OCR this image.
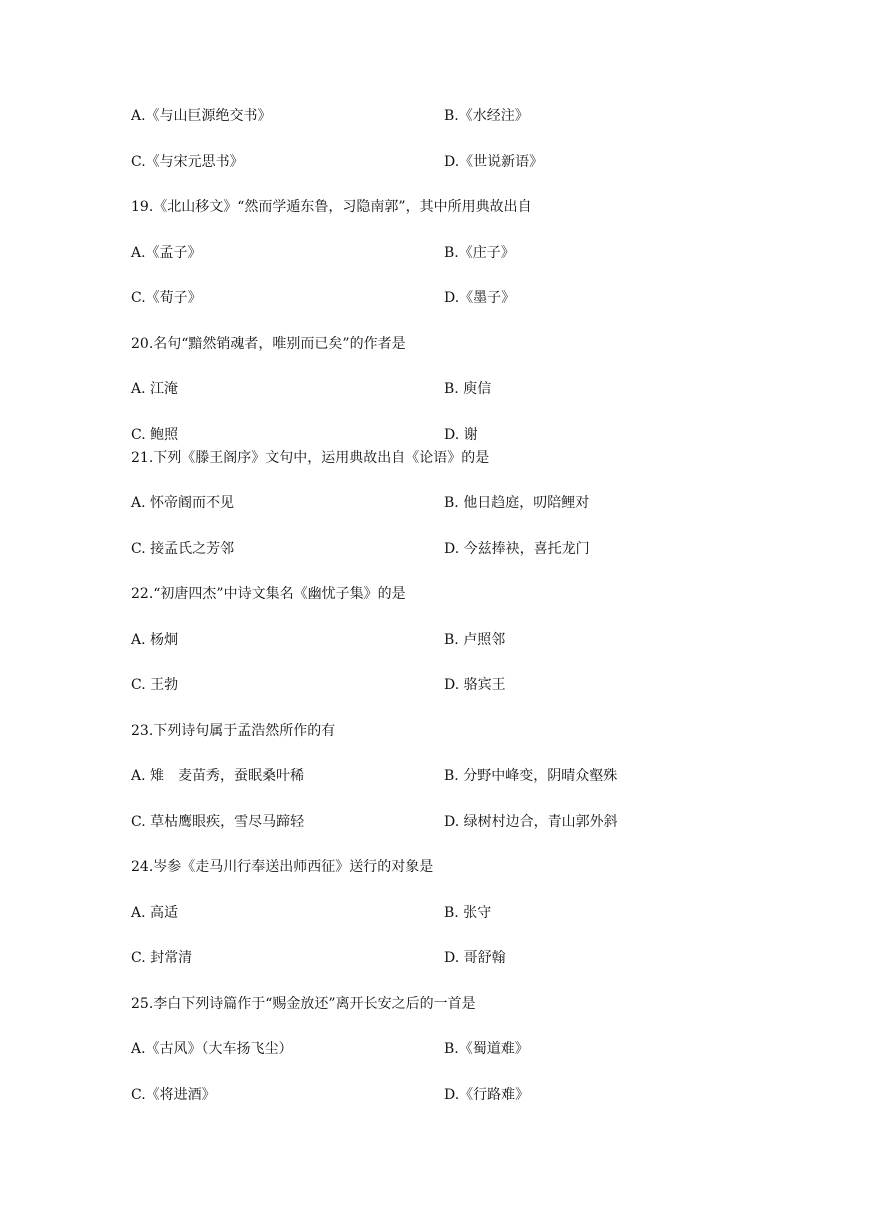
A.《与山巨源绝交书》	B.《水经注》
C.《与宋元思书》	D.《世说新语》
19.《北山移文》“然而学遁东鲁，习隐南郭”，其中所用典故出自
A.《孟子》	B.《庄子》
C.《荀子》	D.《墨子》
20.名句“黯然销魂者，唯别而已矣”的作者是
A. 江淹	B. 庾信
C. 鲍照	D. 谢
21.下列《滕王阁序》文句中，运用典故出自《论语》的是
A. 怀帝阍而不见	B. 他日趋庭，叨陪鲤对
C. 接孟氏之芳邻	D. 今兹捧袂，喜托龙门
22.“初唐四杰”中诗文集名《幽忧子集》的是
A. 杨炯	B. 卢照邻
C. 王勃	D. 骆宾王
23.下列诗句属于孟浩然所作的有
A. 雉　麦苗秀，蚕眠桑叶稀	B. 分野中峰变，阴晴众壑殊
C. 草枯鹰眼疾，雪尽马蹄轻	D. 绿树村边合，青山郭外斜
24.岑参《走马川行奉送出师西征》送行的对象是
A. 高适	B. 张守
C. 封常清	D. 哥舒翰
25.李白下列诗篇作于“赐金放还”离开长安之后的一首是
A.《古风》（大车扬飞尘）	B.《蜀道难》
C.《将进酒》	D.《行路难》
